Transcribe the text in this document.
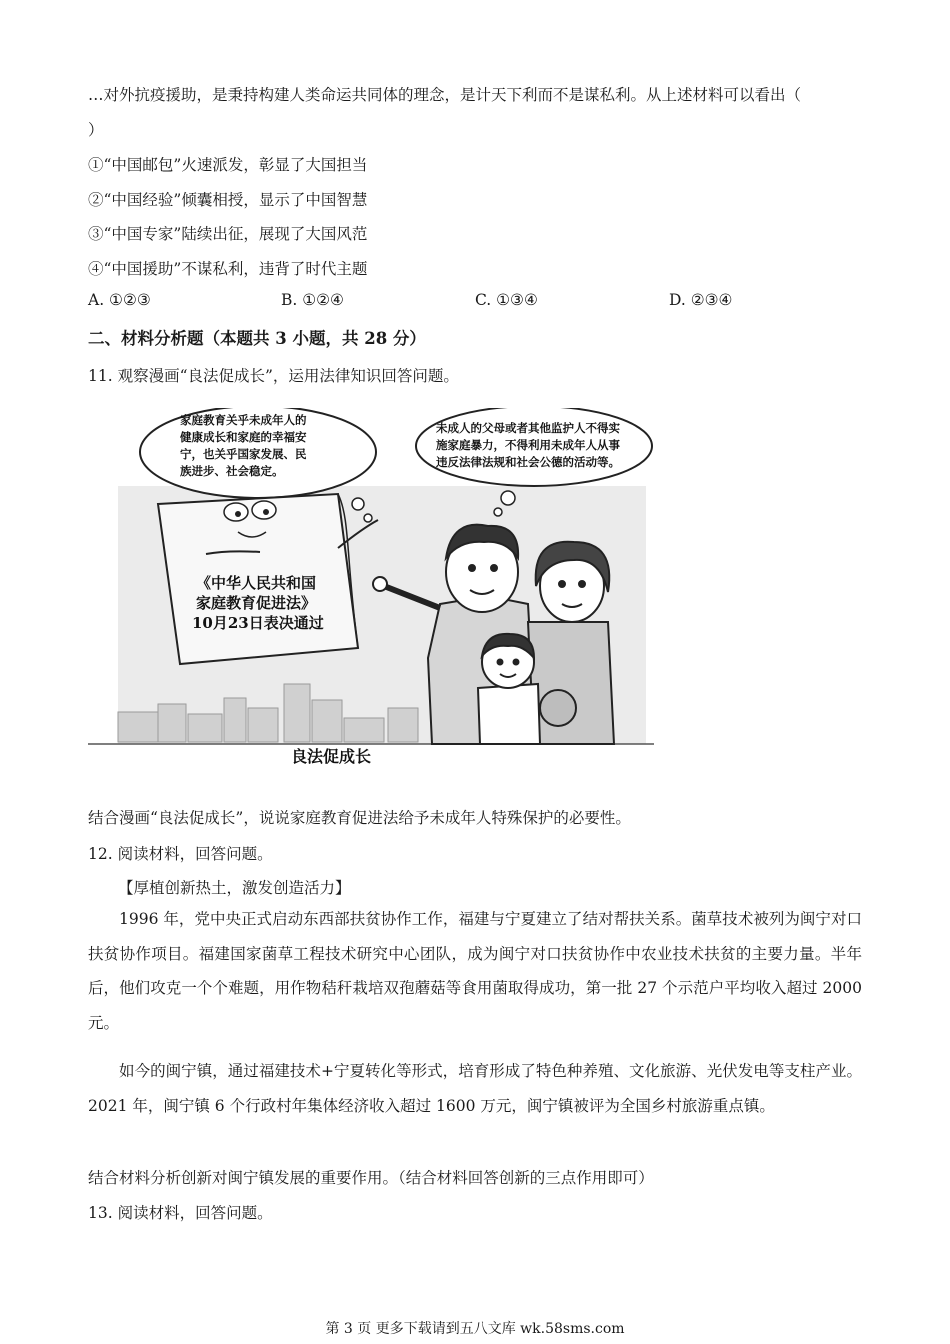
…对外抗疫援助，是秉持构建人类命运共同体的理念，是计天下利而不是谋私利。从上述材料可以看出（
）
①“中国邮包”火速派发，彰显了大国担当
②“中国经验”倾囊相授，显示了中国智慧
③“中国专家”陆续出征，展现了大国风范
④“中国援助”不谋私利，违背了时代主题
A. ①②③	B. ①②④	C. ①③④	D. ②③④
二、材料分析题（本题共 3 小题，共 28 分）
11. 观察漫画“良法促成长”，运用法律知识回答问题。
家庭教育关乎未成年人的
健康成长和家庭的幸福安
宁，也关乎国家发展、民
族进步、社会稳定。
未成人的父母或者其他监护人不得实
施家庭暴力，不得利用未成年人从事
违反法律法规和社会公德的活动等。
《中华人民共和国
家庭教育促进法》
10月23日表决通过
良法促成长
结合漫画“良法促成长”，说说家庭教育促进法给予未成年人特殊保护的必要性。
12. 阅读材料，回答问题。
【厚植创新热土，激发创造活力】
1996 年，党中央正式启动东西部扶贫协作工作，福建与宁夏建立了结对帮扶关系。菌草技术被列为闽宁对口扶贫协作项目。福建国家菌草工程技术研究中心团队，成为闽宁对口扶贫协作中农业技术扶贫的主要力量。半年后，他们攻克一个个难题，用作物秸秆栽培双孢蘑菇等食用菌取得成功，第一批 27 个示范户平均收入超过 2000 元。
如今的闽宁镇，通过福建技术+宁夏转化等形式，培育形成了特色种养殖、文化旅游、光伏发电等支柱产业。2021 年，闽宁镇 6 个行政村年集体经济收入超过 1600 万元，闽宁镇被评为全国乡村旅游重点镇。
结合材料分析创新对闽宁镇发展的重要作用。（结合材料回答创新的三点作用即可）
13. 阅读材料，回答问题。
第 3 页 更多下载请到五八文库 wk.58sms.com
